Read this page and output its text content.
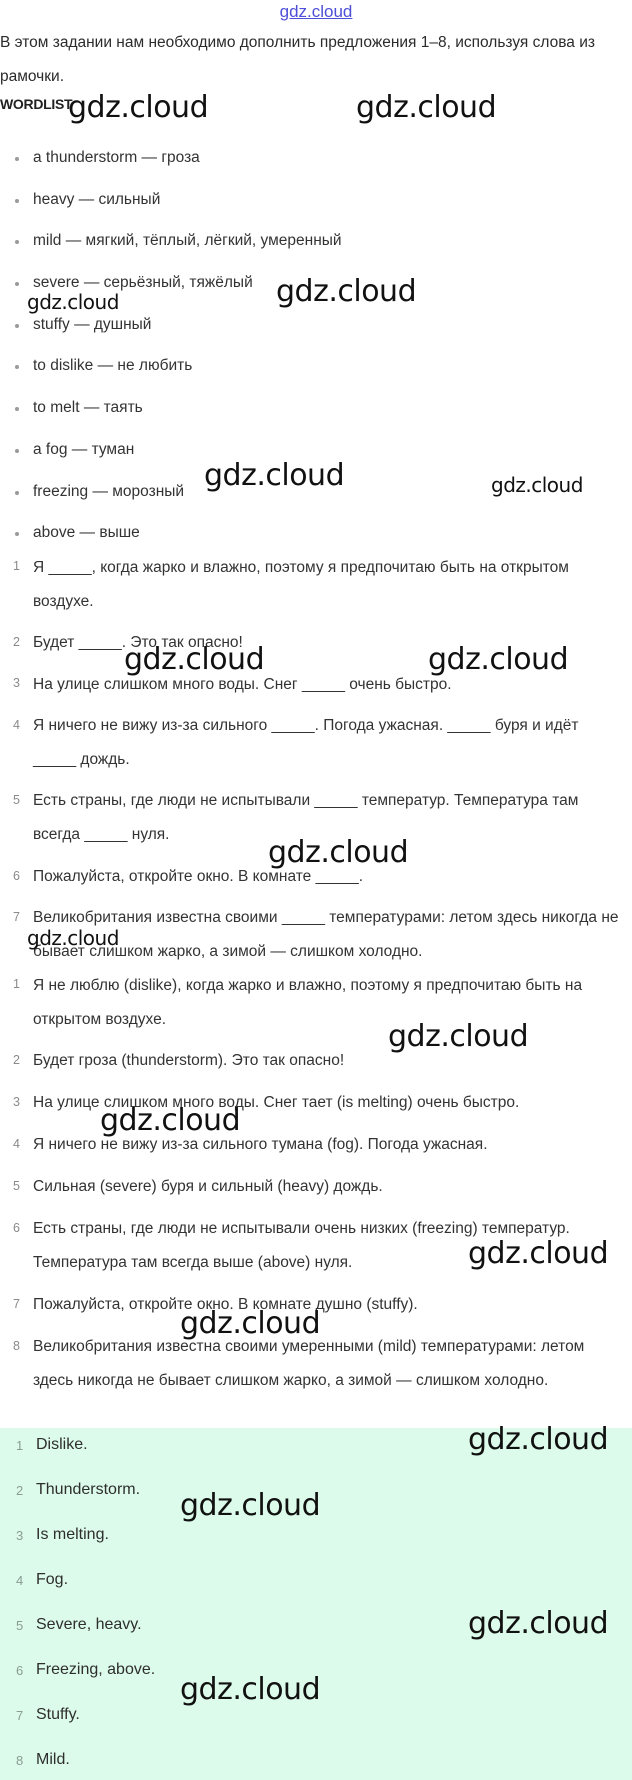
gdz.cloud
В этом задании нам необходимо дополнить предложения 1–8, используя слова из рамочки.
WORDLIST
a thunderstorm — гроза
heavy — сильный
mild — мягкий, тёплый, лёгкий, умеренный
severe — серьёзный, тяжёлый
stuffy — душный
to dislike — не любить
to melt — таять
a fog — туман
freezing — морозный
above — выше
1 Я _____, когда жарко и влажно, поэтому я предпочитаю быть на открытом воздухе.
2 Будет _____. Это так опасно!
3 На улице слишком много воды. Снег _____ очень быстро.
4 Я ничего не вижу из-за сильного _____. Погода ужасная. _____ буря и идёт _____ дождь.
5 Есть страны, где люди не испытывали _____ температур. Температура там всегда _____ нуля.
6 Пожалуйста, откройте окно. В комнате _____.
7 Великобритания известна своими _____ температурами: летом здесь никогда не бывает слишком жарко, а зимой — слишком холодно.
1 Я не люблю (dislike), когда жарко и влажно, поэтому я предпочитаю быть на открытом воздухе.
2 Будет гроза (thunderstorm). Это так опасно!
3 На улице слишком много воды. Снег тает (is melting) очень быстро.
4 Я ничего не вижу из-за сильного тумана (fog). Погода ужасная.
5 Сильная (severe) буря и сильный (heavy) дождь.
6 Есть страны, где люди не испытывали очень низких (freezing) температур. Температура там всегда выше (above) нуля.
7 Пожалуйста, откройте окно. В комнате душно (stuffy).
8 Великобритания известна своими умеренными (mild) температурами: летом здесь никогда не бывает слишком жарко, а зимой — слишком холодно.
1 Dislike.
2 Thunderstorm.
3 Is melting.
4 Fog.
5 Severe, heavy.
6 Freezing, above.
7 Stuffy.
8 Mild.
gdz.cloud	gdz.cloud
gdz.cloud	gdz.cloud
gdz.cloud	gdz.cloud
gdz.cloud	gdz.cloud
gdz.cloud
gdz.cloud
gdz.cloud
gdz.cloud
gdz.cloud
gdz.cloud
gdz.cloud
gdz.cloud
gdz.cloud
gdz.cloud
